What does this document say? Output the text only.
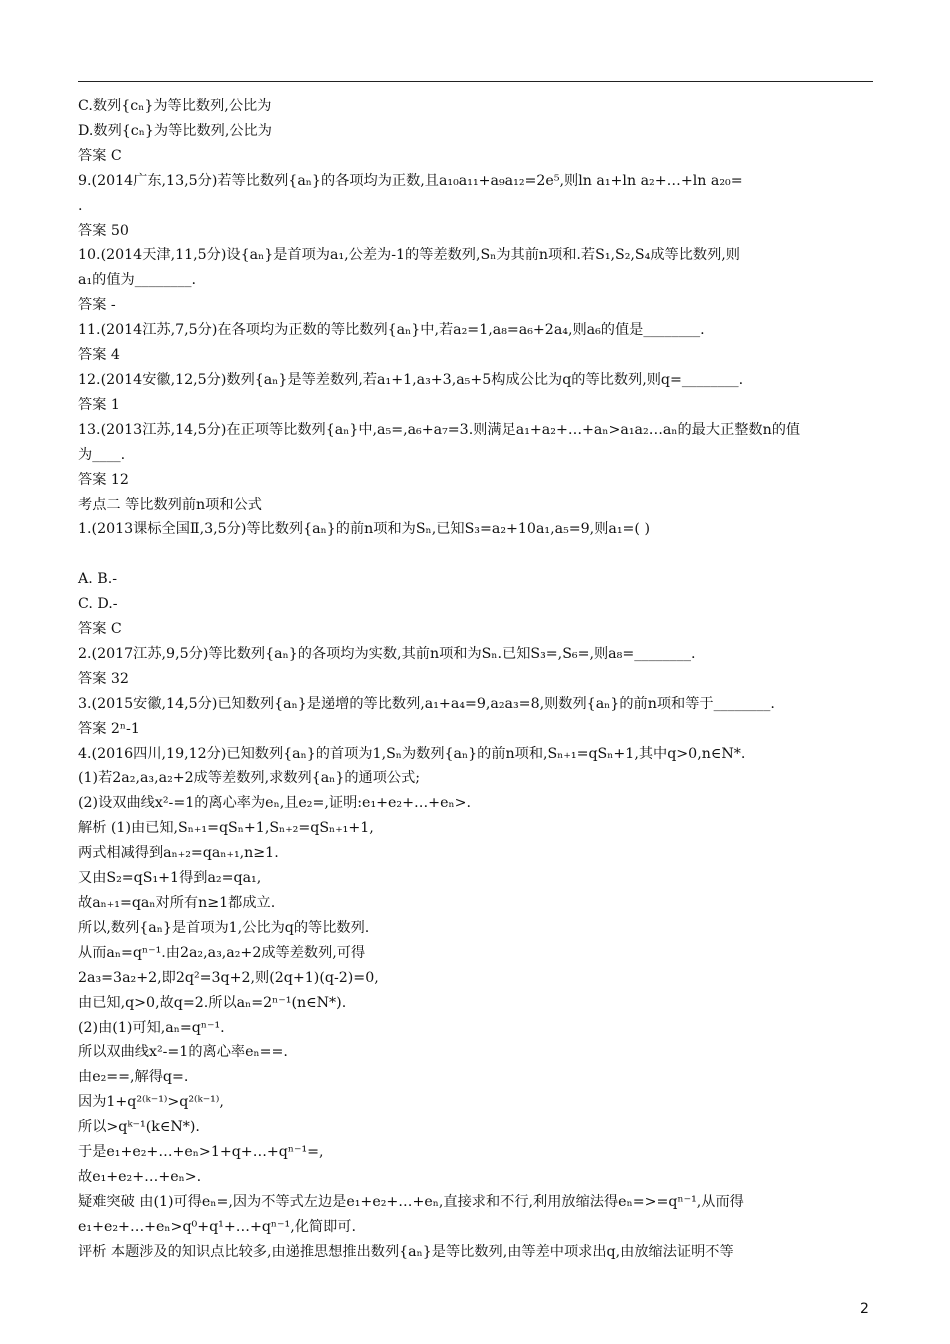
C.数列{cₙ}为等比数列,公比为
D.数列{cₙ}为等比数列,公比为
答案 C
9.(2014广东,13,5分)若等比数列{aₙ}的各项均为正数,且a₁₀a₁₁+a₉a₁₂=2e⁵,则ln a₁+ln a₂+…+ln a₂₀=
.
答案 50
10.(2014天津,11,5分)设{aₙ}是首项为a₁,公差为-1的等差数列,Sₙ为其前n项和.若S₁,S₂,S₄成等比数列,则
a₁的值为________.
答案 -
11.(2014江苏,7,5分)在各项均为正数的等比数列{aₙ}中,若a₂=1,a₈=a₆+2a₄,则a₆的值是________.
答案 4
12.(2014安徽,12,5分)数列{aₙ}是等差数列,若a₁+1,a₃+3,a₅+5构成公比为q的等比数列,则q=________.
答案 1
13.(2013江苏,14,5分)在正项等比数列{aₙ}中,a₅=,a₆+a₇=3.则满足a₁+a₂+…+aₙ>a₁a₂…aₙ的最大正整数n的值
为____.
答案 12
考点二 等比数列前n项和公式
1.(2013课标全国Ⅱ,3,5分)等比数列{aₙ}的前n项和为Sₙ,已知S₃=a₂+10a₁,a₅=9,则a₁=( )
A. B.-
C. D.-
答案 C
2.(2017江苏,9,5分)等比数列{aₙ}的各项均为实数,其前n项和为Sₙ.已知S₃=,S₆=,则a₈=________.
答案 32
3.(2015安徽,14,5分)已知数列{aₙ}是递增的等比数列,a₁+a₄=9,a₂a₃=8,则数列{aₙ}的前n项和等于________.
答案 2ⁿ-1
4.(2016四川,19,12分)已知数列{aₙ}的首项为1,Sₙ为数列{aₙ}的前n项和,Sₙ₊₁=qSₙ+1,其中q>0,n∈N*.
(1)若2a₂,a₃,a₂+2成等差数列,求数列{aₙ}的通项公式;
(2)设双曲线x²-=1的离心率为eₙ,且e₂=,证明:e₁+e₂+…+eₙ>.
解析 (1)由已知,Sₙ₊₁=qSₙ+1,Sₙ₊₂=qSₙ₊₁+1,
两式相减得到aₙ₊₂=qaₙ₊₁,n≥1.
又由S₂=qS₁+1得到a₂=qa₁,
故aₙ₊₁=qaₙ对所有n≥1都成立.
所以,数列{aₙ}是首项为1,公比为q的等比数列.
从而aₙ=qⁿ⁻¹.由2a₂,a₃,a₂+2成等差数列,可得
2a₃=3a₂+2,即2q²=3q+2,则(2q+1)(q-2)=0,
由已知,q>0,故q=2.所以aₙ=2ⁿ⁻¹(n∈N*).
(2)由(1)可知,aₙ=qⁿ⁻¹.
所以双曲线x²-=1的离心率eₙ==.
由e₂==,解得q=.
因为1+q²⁽ᵏ⁻¹⁾>q²⁽ᵏ⁻¹⁾,
所以>qᵏ⁻¹(k∈N*).
于是e₁+e₂+…+eₙ>1+q+…+qⁿ⁻¹=,
故e₁+e₂+…+eₙ>.
疑难突破 由(1)可得eₙ=,因为不等式左边是e₁+e₂+…+eₙ,直接求和不行,利用放缩法得eₙ=>=qⁿ⁻¹,从而得
e₁+e₂+…+eₙ>q⁰+q¹+…+qⁿ⁻¹,化简即可.
评析 本题涉及的知识点比较多,由递推思想推出数列{aₙ}是等比数列,由等差中项求出q,由放缩法证明不等
2
